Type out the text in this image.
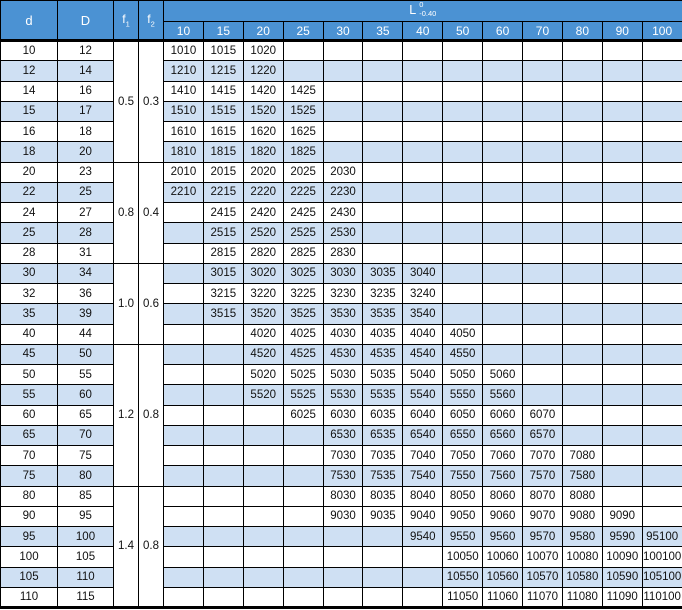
d	D	$f_1$	$f_2$	L 0
-0.40												

				10	15	20	25	30	35	40	50	60	70	80	90	100
10	12	0.5	0.3	1010	1015	1020										
12	14			1210	1215	1220										
14	16			1410	1415	1420	1425									
15	17			1510	1515	1520	1525									
16	18			1610	1615	1620	1625									
18	20			1810	1815	1820	1825									
20	23	0.8	0.4	2010	2015	2020	2025	2030								
22	25			2210	2215	2220	2225	2230								
24	27				2415	2420	2425	2430								
25	28				2515	2520	2525	2530								
28	31				2815	2820	2825	2830								
30	34	1.0	0.6		3015	3020	3025	3030	3035	3040						
32	36				3215	3220	3225	3230	3235	3240						
35	39				3515	3520	3525	3530	3535	3540						
40	44					4020	4025	4030	4035	4040	4050					
45	50	1.2	0.8			4520	4525	4530	4535	4540	4550					
50	55					5020	5025	5030	5035	5040	5050	5060				
55	60					5520	5525	5530	5535	5540	5550	5560				
60	65						6025	6030	6035	6040	6050	6060	6070			
65	70							6530	6535	6540	6550	6560	6570			
70	75							7030	7035	7040	7050	7060	7070	7080		
75	80							7530	7535	7540	7550	7560	7570	7580		
80	85	1.4	0.8					8030	8035	8040	8050	8060	8070	8080		
90	95							9030	9035	9040	9050	9060	9070	9080	9090	
95	100									9540	9550	9560	9570	9580	9590	95100
100	105										10050	10060	10070	10080	10090	100100
105	110										10550	10560	10570	10580	10590	105100
110	115										11050	11060	11070	11080	11090	110100
